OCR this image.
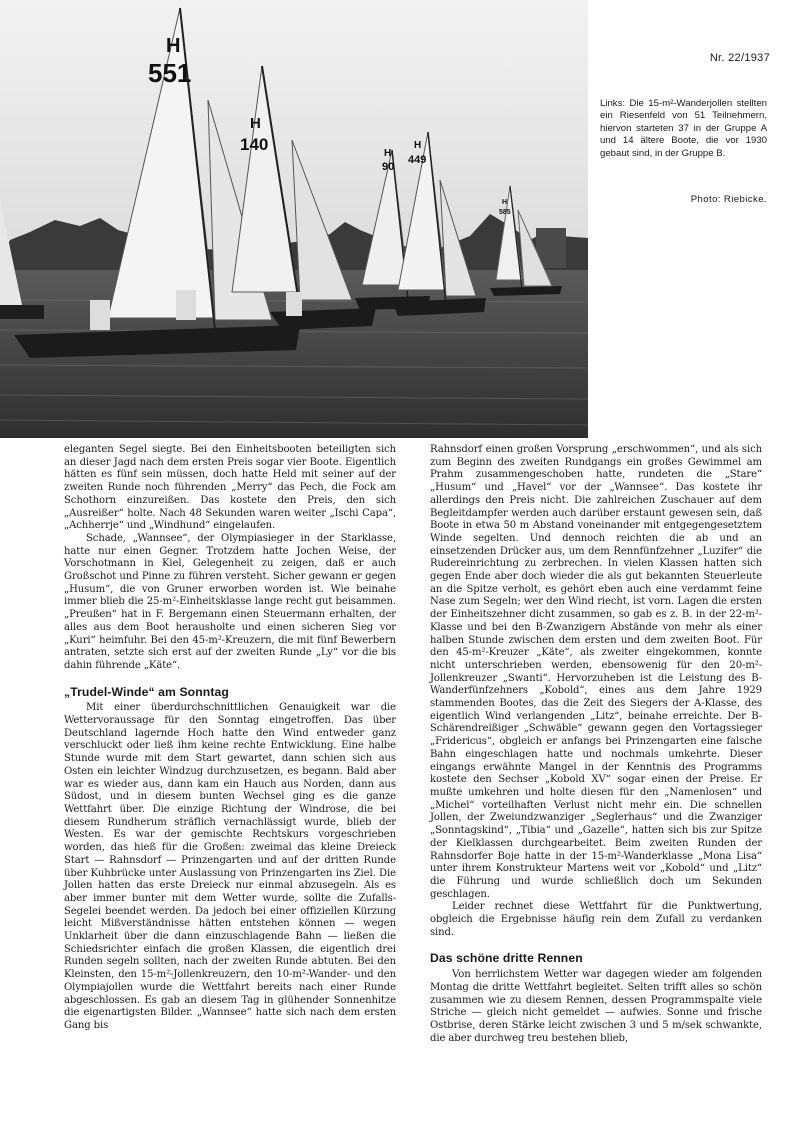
H
551
H
140	H
90
H
449
H
585
Nr. 22/1937
Links: Die 15-m²-Wanderjollen stellten ein Riesenfeld von 51 Teilnehmern, hiervon starteten 37 in der Gruppe A und 14 ältere Boote, die vor 1930 gebaut sind, in der Gruppe B.
Photo: Riebicke.

eleganten Segel siegte. Bei den Einheitsbooten beteiligten sich an dieser Jagd nach dem ersten Preis sogar vier Boote. Eigentlich hätten es fünf sein müssen, doch hatte Held mit seiner auf der zweiten Runde noch führenden „Merry“ das Pech, die Fock am Schothorn einzureißen. Das kostete den Preis, den sich „Ausreißer“ holte. Nach 48 Sekunden waren weiter „Ischi Capa“, „Achherrje“ und „Windhund“ eingelaufen.

Schade, „Wannsee“, der Olympiasieger in der Starklasse, hatte nur einen Gegner. Trotzdem hatte Jochen Weise, der Vorschotmann in Kiel, Gelegenheit zu zeigen, daß er auch Großschot und Pinne zu führen versteht. Sicher gewann er gegen „Husum“, die von Gruner erworben worden ist. Wie beinahe immer blieb die 25-m²-Einheitsklasse lange recht gut beisammen. „Preußen“ hat in F. Bergemann einen Steuermann erhalten, der alles aus dem Boot herausholte und einen sicheren Sieg vor „Kuri“ heimfuhr. Bei den 45-m²-Kreuzern, die mit fünf Bewerbern antraten, setzte sich erst auf der zweiten Runde „Ly“ vor die bis dahin führende „Käte“.

„Trudel-Winde“ am Sonntag

Mit einer überdurchschnittlichen Genauigkeit war die Wettervoraussage für den Sonntag eingetroffen. Das über Deutschland lagernde Hoch hatte den Wind entweder ganz verschluckt oder ließ ihm keine rechte Entwicklung. Eine halbe Stunde wurde mit dem Start gewartet, dann schien sich aus Osten ein leichter Windzug durchzusetzen, es begann. Bald aber war es wieder aus, dann kam ein Hauch aus Norden, dann aus Südost, und in diesem bunten Wechsel ging es die ganze Wettfahrt über. Die einzige Richtung der Windrose, die bei diesem Rundherum sträflich vernachlässigt wurde, blieb der Westen. Es war der gemischte Rechtskurs vorgeschrieben worden, das hieß für die Großen: zweimal das kleine Dreieck Start — Rahnsdorf — Prinzengarten und auf der dritten Runde über Kuhbrücke unter Auslassung von Prinzengarten ins Ziel. Die Jollen hatten das erste Dreieck nur einmal abzusegeln. Als es aber immer bunter mit dem Wetter wurde, sollte die Zufalls-Segelei beendet werden. Da jedoch bei einer offiziellen Kürzung leicht Mißverständnisse hätten entstehen können — wegen Unklarheit über die dann einzuschlagende Bahn — ließen die Schiedsrichter einfach die großen Klassen, die eigentlich drei Runden segeln sollten, nach der zweiten Runde abtuten. Bei den Kleinsten, den 15-m²-Jollenkreuzern, den 10-m²-Wander- und den Olympiajollen wurde die Wettfahrt bereits nach einer Runde abgeschlossen. Es gab an diesem Tag in glühender Sonnenhitze die eigenartigsten Bilder. „Wannsee“ hatte sich nach dem ersten Gang bis

Rahnsdorf einen großen Vorsprung „erschwommen“, und als sich zum Beginn des zweiten Rundgangs ein großes Gewimmel am Prahm zusammengeschoben hatte, rundeten die „Stare“ „Husum“ und „Havel“ vor der „Wannsee“. Das kostete ihr allerdings den Preis nicht. Die zahlreichen Zuschauer auf dem Begleitdampfer werden auch darüber erstaunt gewesen sein, daß Boote in etwa 50 m Abstand voneinander mit entgegengesetztem Winde segelten. Und dennoch reichten die ab und an einsetzenden Drücker aus, um dem Rennfünfzehner „Luzifer“ die Rudereinrichtung zu zerbrechen. In vielen Klassen hatten sich gegen Ende aber doch wieder die als gut bekannten Steuerleute an die Spitze verholt, es gehört eben auch eine verdammt feine Nase zum Segeln; wer den Wind riecht, ist vorn. Lagen die ersten der Einheitszehner dicht zusammen, so gab es z. B. in der 22-m²-Klasse und bei den B-Zwanzigern Abstände von mehr als einer halben Stunde zwischen dem ersten und dem zweiten Boot. Für den 45-m²-Kreuzer „Käte“, als zweiter eingekommen, konnte nicht unterschrieben werden, ebensowenig für den 20-m²-Jollenkreuzer „Swanti“. Hervorzuheben ist die Leistung des B-Wanderfünfzehners „Kobold“, eines aus dem Jahre 1929 stammenden Bootes, das die Zeit des Siegers der A-Klasse, des eigentlich Wind verlangenden „Litz“, beinahe erreichte. Der B-Schärendreißiger „Schwäble“ gewann gegen den Vortagssieger „Fridericus“, obgleich er anfangs bei Prinzengarten eine falsche Bahn eingeschlagen hatte und nochmals umkehrte. Dieser eingangs erwähnte Mangel in der Kenntnis des Programms kostete den Sechser „Kobold XV“ sogar einen der Preise. Er mußte umkehren und holte diesen für den „Namenlosen“ und „Michel“ vorteilhaften Verlust nicht mehr ein. Die schnellen Jollen, der Zweiundzwanziger „Seglerhaus“ und die Zwanziger „Sonntagskind“, „Tibia“ und „Gazelle“, hatten sich bis zur Spitze der Kielklassen durchgearbeitet. Beim zweiten Runden der Rahnsdorfer Boje hatte in der 15-m²-Wanderklasse „Mona Lisa“ unter ihrem Konstrukteur Martens weit vor „Kobold“ und „Litz“ die Führung und wurde schließlich doch um Sekunden geschlagen.

Leider rechnet diese Wettfahrt für die Punktwertung, obgleich die Ergebnisse häufig rein dem Zufall zu verdanken sind.

Das schöne dritte Rennen

Von herrlichstem Wetter war dagegen wieder am folgenden Montag die dritte Wettfahrt begleitet. Selten trifft alles so schön zusammen wie zu diesem Rennen, dessen Programmspalte viele Striche — gleich nicht gemeldet — aufwies. Sonne und frische Ostbrise, deren Stärke leicht zwischen 3 und 5 m/sek schwankte, die aber durchweg treu bestehen blieb,
